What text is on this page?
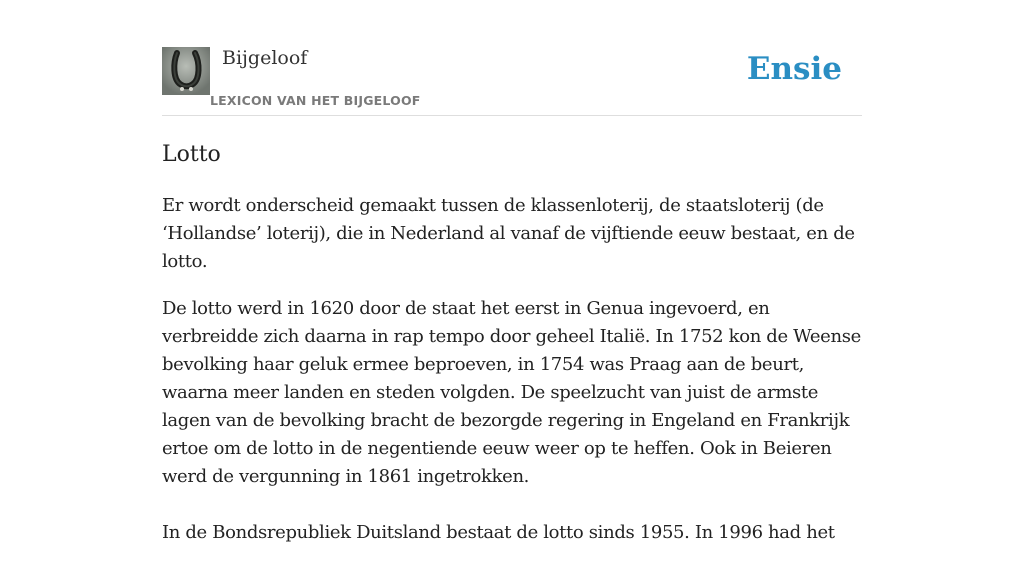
Bijgeloof
LEXICON VAN HET BIJGELOOF
Ensie
Lotto

Er wordt onderscheid gemaakt tussen de klassenloterij, de staatsloterij (de ‘Hollandse’ loterij), die in Nederland al vanaf de vijftiende eeuw bestaat, en de lotto.

De lotto werd in 1620 door de staat het eerst in Genua ingevoerd, en verbreidde zich daarna in rap tempo door geheel Italië. In 1752 kon de Weense bevolking haar geluk ermee beproeven, in 1754 was Praag aan de beurt, waarna meer landen en steden volgden. De speelzucht van juist de armste lagen van de bevolking bracht de bezorgde regering in Engeland en Frankrijk ertoe om de lotto in de negentiende eeuw weer op te heffen. Ook in Beieren werd de vergunning in 1861 ingetrokken.

In de Bondsrepubliek Duitsland bestaat de lotto sinds 1955. In 1996 had het
